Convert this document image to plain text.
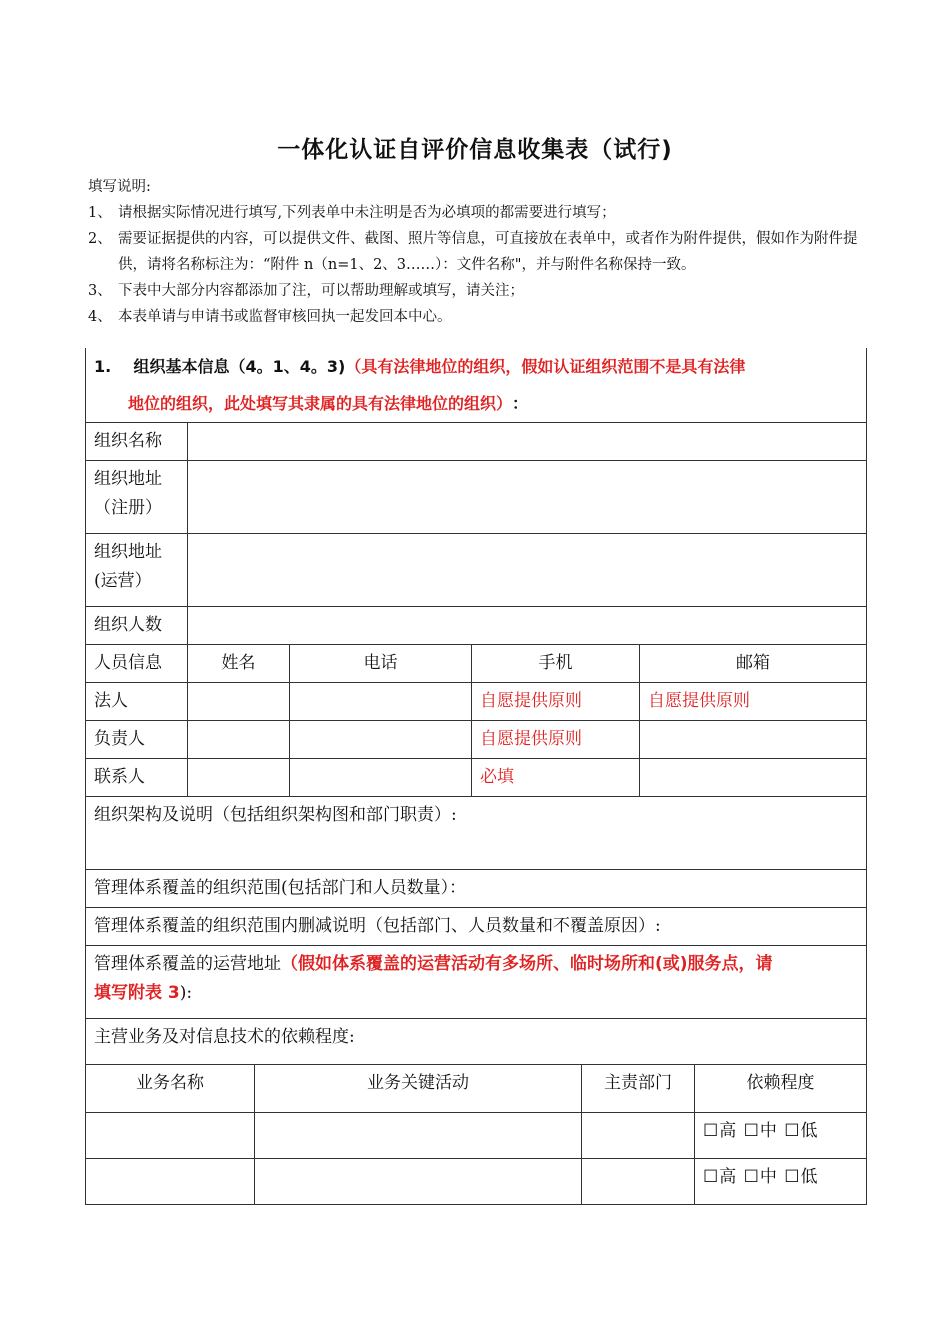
一体化认证自评价信息收集表（试行)
填写说明:
1、 请根据实际情况进行填写,下列表单中未注明是否为必填项的都需要进行填写；
2、 需要证据提供的内容，可以提供文件、截图、照片等信息，可直接放在表单中，或者作为附件提供，假如作为附件提供，请将名称标注为：“附件 n（n=1、2、3……）：文件名称"，并与附件名称保持一致。
3、 下表中大部分内容都添加了注，可以帮助理解或填写，请关注；
4、 本表单请与申请书或监督审核回执一起发回本中心。
1. 组织基本信息（4。1、4。3)（具有法律地位的组织，假如认证组织范围不是具有法律
地位的组织，此处填写其隶属的具有法律地位的组织）：				
组织名称				
组织地址
（注册）				
组织地址
(运营）				
组织人数				
人员信息	姓名	电话	手机	邮箱
法人			自愿提供原则	自愿提供原则
负责人			自愿提供原则	
联系人			必填	
组织架构及说明（包括组织架构图和部门职责）:				
管理体系覆盖的组织范围(包括部门和人员数量）：				
管理体系覆盖的组织范围内删减说明（包括部门、人员数量和不覆盖原因）:				
管理体系覆盖的运营地址（假如体系覆盖的运营活动有多场所、临时场所和(或)服务点，请
填写附表 3):				
主营业务及对信息技术的依赖程度:				
业务名称	业务关键活动	主责部门	依赖程度
			☐高 ☐中 ☐低
			☐高 ☐中 ☐低
